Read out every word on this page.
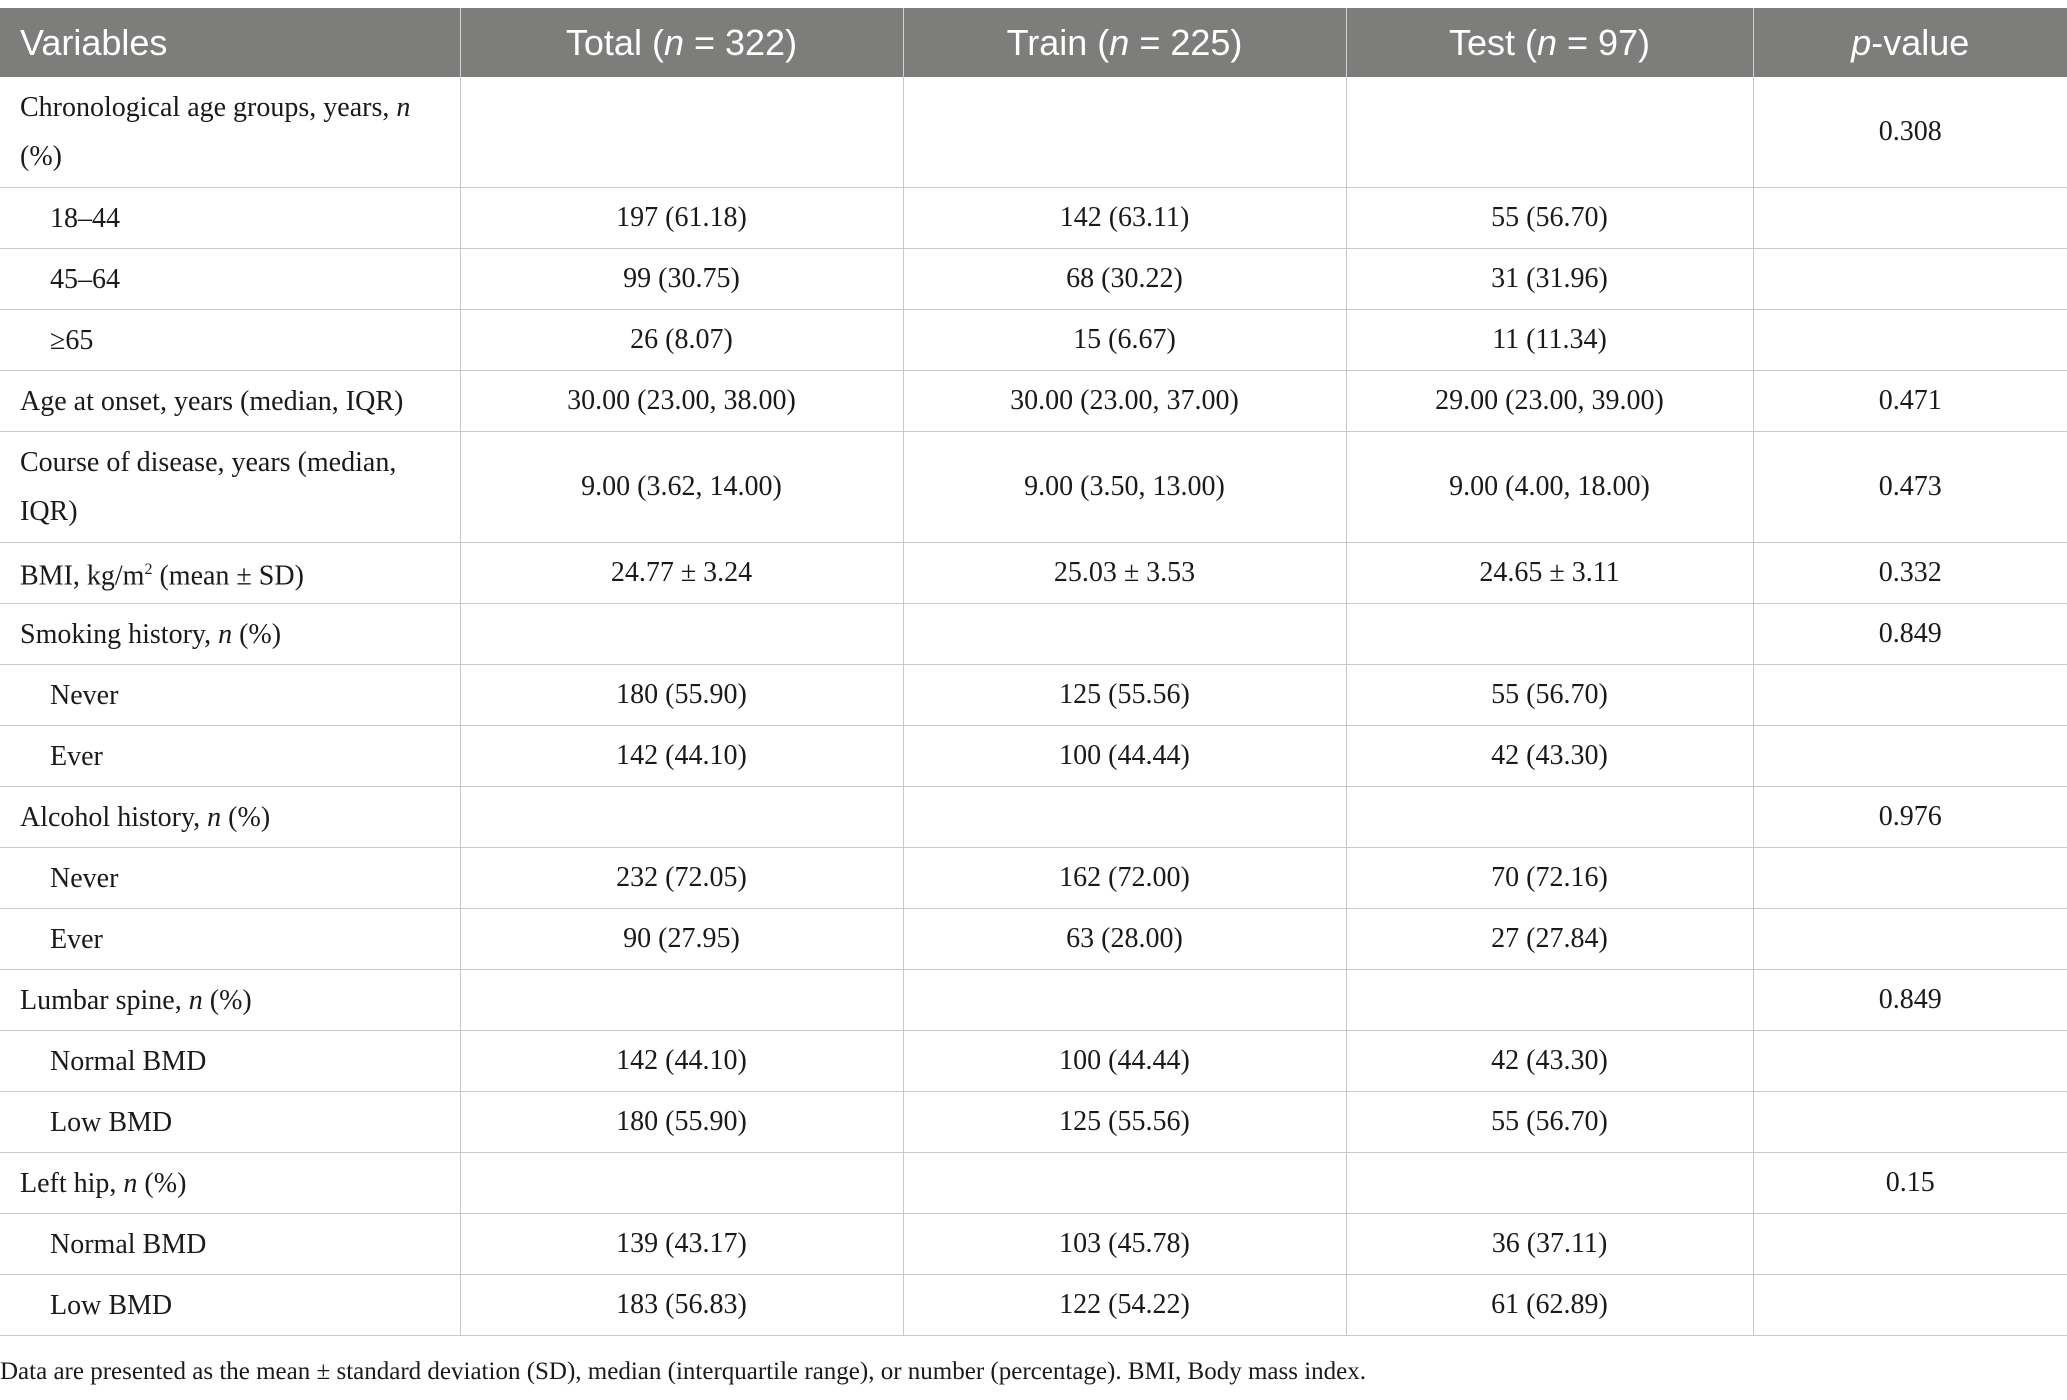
Variables	Total (n = 322)	Train (n = 225)	Test (n = 97)	p-value
Chronological age groups, years, n (%)				0.308
18–44	197 (61.18)	142 (63.11)	55 (56.70)	
45–64	99 (30.75)	68 (30.22)	31 (31.96)	
≥65	26 (8.07)	15 (6.67)	11 (11.34)	
Age at onset, years (median, IQR)	30.00 (23.00, 38.00)	30.00 (23.00, 37.00)	29.00 (23.00, 39.00)	0.471
Course of disease, years (median, IQR)	9.00 (3.62, 14.00)	9.00 (3.50, 13.00)	9.00 (4.00, 18.00)	0.473
BMI, $kg/m^2$ (mean ± SD)	24.77 ± 3.24	25.03 ± 3.53	24.65 ± 3.11	0.332
Smoking history, n (%)				0.849
Never	180 (55.90)	125 (55.56)	55 (56.70)	
Ever	142 (44.10)	100 (44.44)	42 (43.30)	
Alcohol history, n (%)				0.976
Never	232 (72.05)	162 (72.00)	70 (72.16)	
Ever	90 (27.95)	63 (28.00)	27 (27.84)	
Lumbar spine, n (%)				0.849
Normal BMD	142 (44.10)	100 (44.44)	42 (43.30)	
Low BMD	180 (55.90)	125 (55.56)	55 (56.70)	
Left hip, n (%)				0.15
Normal BMD	139 (43.17)	103 (45.78)	36 (37.11)	
Low BMD	183 (56.83)	122 (54.22)	61 (62.89)	
Data are presented as the mean ± standard deviation (SD), median (interquartile range), or number (percentage). BMI, Body mass index.
